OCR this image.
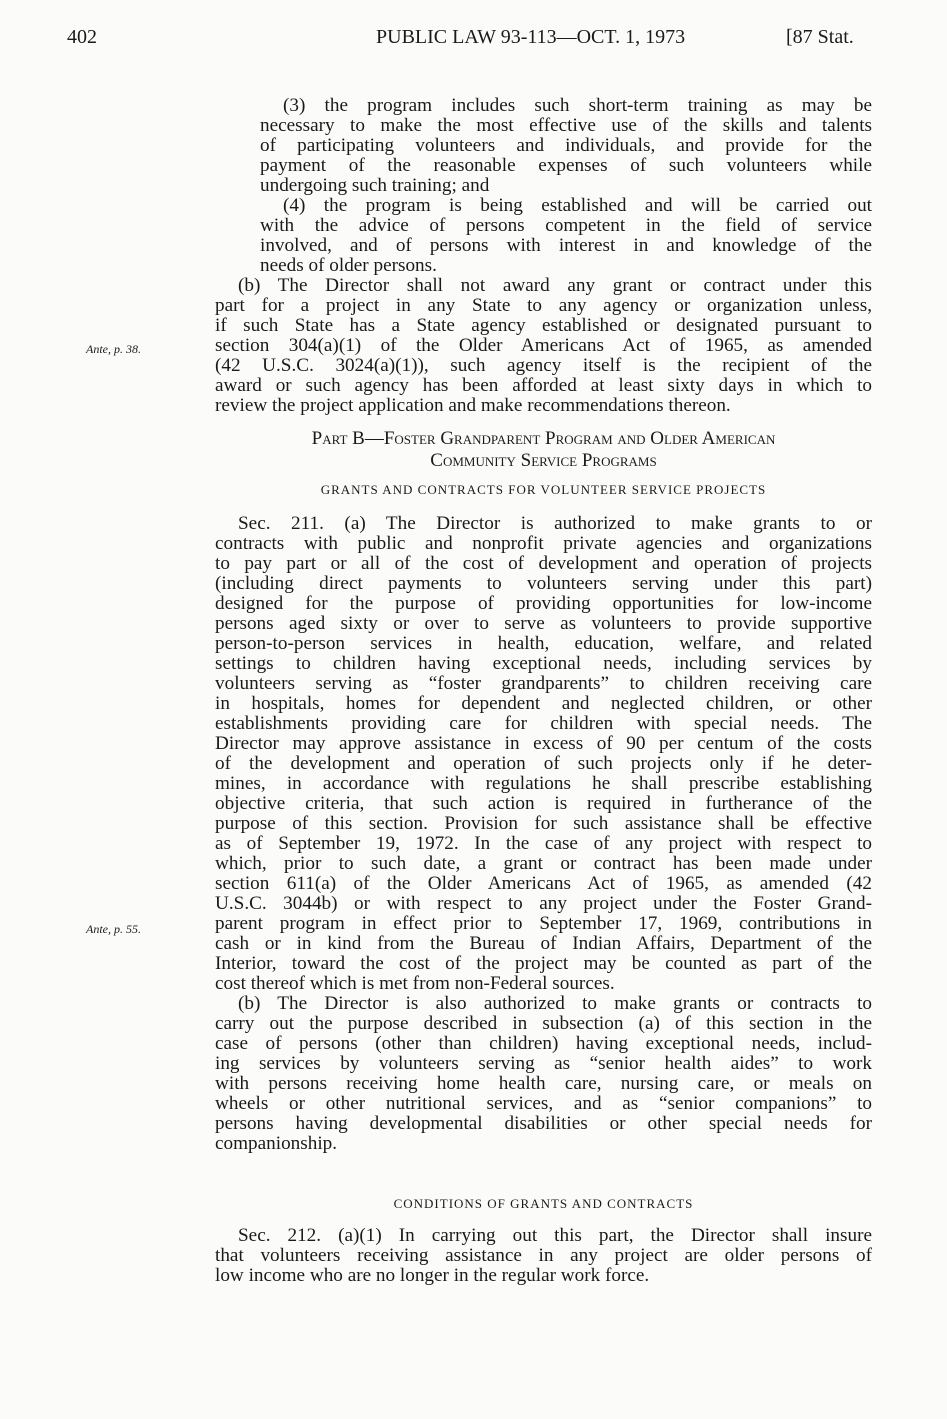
402	PUBLIC LAW 93-113—OCT. 1, 1973	[87 Stat.
Ante, p. 38.
Ante, p. 55.
(3) the program includes such short-term training as may be
necessary to make the most effective use of the skills and talents
of participating volunteers and individuals, and provide for the
payment of the reasonable expenses of such volunteers while
undergoing such training; and
(4) the program is being established and will be carried out
with the advice of persons competent in the field of service
involved, and of persons with interest in and knowledge of the
needs of older persons.
(b) The Director shall not award any grant or contract under this
part for a project in any State to any agency or organization unless,
if such State has a State agency established or designated pursuant to
section 304(a)(1) of the Older Americans Act of 1965, as amended
(42 U.S.C. 3024(a)(1)), such agency itself is the recipient of the
award or such agency has been afforded at least sixty days in which to
review the project application and make recommendations thereon.
Part B—Foster Grandparent Program and Older American
Community Service Programs
GRANTS AND CONTRACTS FOR VOLUNTEER SERVICE PROJECTS
Sec. 211. (a) The Director is authorized to make grants to or
contracts with public and nonprofit private agencies and organizations
to pay part or all of the cost of development and operation of projects
(including direct payments to volunteers serving under this part)
designed for the purpose of providing opportunities for low-income
persons aged sixty or over to serve as volunteers to provide supportive
person-to-person services in health, education, welfare, and related
settings to children having exceptional needs, including services by
volunteers serving as “foster grandparents” to children receiving care
in hospitals, homes for dependent and neglected children, or other
establishments providing care for children with special needs. The
Director may approve assistance in excess of 90 per centum of the costs
of the development and operation of such projects only if he deter-
mines, in accordance with regulations he shall prescribe establishing
objective criteria, that such action is required in furtherance of the
purpose of this section. Provision for such assistance shall be effective
as of September 19, 1972. In the case of any project with respect to
which, prior to such date, a grant or contract has been made under
section 611(a) of the Older Americans Act of 1965, as amended (42
U.S.C. 3044b) or with respect to any project under the Foster Grand-
parent program in effect prior to September 17, 1969, contributions in
cash or in kind from the Bureau of Indian Affairs, Department of the
Interior, toward the cost of the project may be counted as part of the
cost thereof which is met from non-Federal sources.
(b) The Director is also authorized to make grants or contracts to
carry out the purpose described in subsection (a) of this section in the
case of persons (other than children) having exceptional needs, includ-
ing services by volunteers serving as “senior health aides” to work
with persons receiving home health care, nursing care, or meals on
wheels or other nutritional services, and as “senior companions” to
persons having developmental disabilities or other special needs for
companionship.
CONDITIONS OF GRANTS AND CONTRACTS
Sec. 212. (a)(1) In carrying out this part, the Director shall insure
that volunteers receiving assistance in any project are older persons of
low income who are no longer in the regular work force.
